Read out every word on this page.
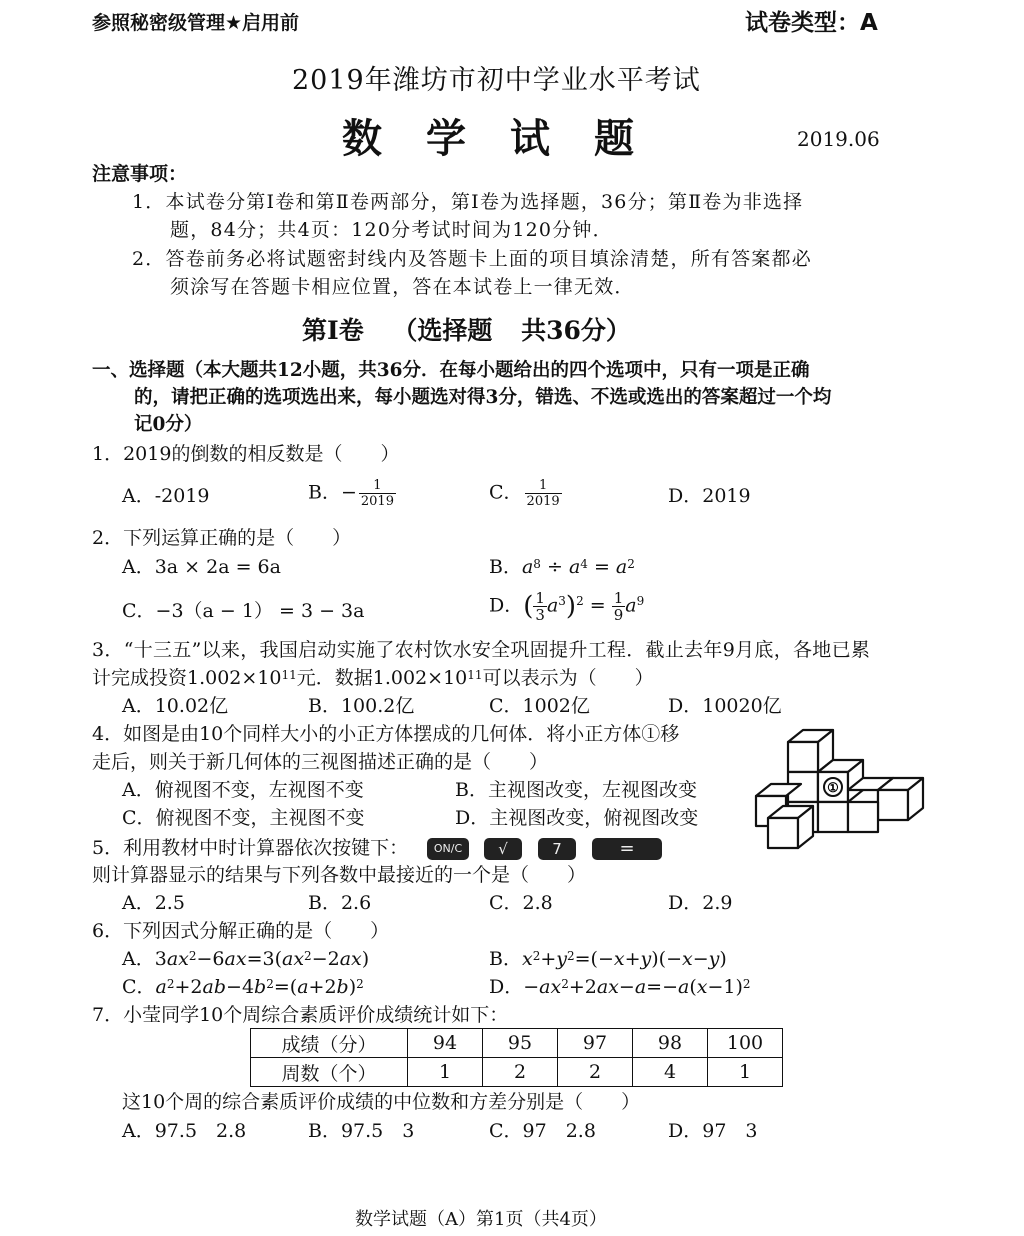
参照秘密级管理★启用前	试卷类型：A
2019年潍坊市初中学业水平考试
数学试题	2019.06
注意事项：
1．本试卷分第Ⅰ卷和第Ⅱ卷两部分，第Ⅰ卷为选择题，36分；第Ⅱ卷为非选择
题，84分；共4页：120分考试时间为120分钟．
2．答卷前务必将试题密封线内及答题卡上面的项目填涂清楚，所有答案都必
须涂写在答题卡相应位置，答在本试卷上一律无效．
第Ⅰ卷 （选择题 共36分）
一、选择题（本大题共12小题，共36分．在每小题给出的四个选项中，只有一项是正确
的，请把正确的选项选出来，每小题选对得3分，错选、不选或选出的答案超过一个均
记0分）
1．2019的倒数的相反数是（　　）
A．-2019	B．− $\frac{1}{2019}$	C． $\frac{1}{2019}$	D．2019
2．下列运算正确的是（　　）
A．3a × 2a = 6a	B．$a^8 \div a^4 = a^2$
C．−3（a − 1） = 3 − 3a	D．( $\frac{1}{3} a^3)^2 = \frac{1}{9} a^9$
3．“十三五”以来，我国启动实施了农村饮水安全巩固提升工程．截止去年9月底，各地已累
计完成投资$1.002\times 10^{11}$元．数据$1.002\times 10^{11}$可以表示为（　　）
A．10.02亿	B．100.2亿	C．1002亿	D．10020亿
4．如图是由10个同样大小的小正方体摆成的几何体．将小正方体①移
走后，则关于新几何体的三视图描述正确的是（　　）
A．俯视图不变，左视图不变	B．主视图改变，左视图改变
C．俯视图不变，主视图不变	D．主视图改变，俯视图改变
①
5．利用教材中时计算器依次按键下：	ON/C	√	7	=
则计算器显示的结果与下列各数中最接近的一个是（　　）
A．2.5	B．2.6	C．2.8	D．2.9
6．下列因式分解正确的是（　　）
A．$3ax^2-6ax=3(ax^2-2ax)$	B．$x^2+y^2=(-x+y)(-x-y)$
C．$a^2+2ab-4b^2=(a+2b)^2$	D．$-ax^2+2ax-a=-a(x-1)^2$
7．小莹同学10个周综合素质评价成绩统计如下：
成绩（分）	94	95	97	98	100
周数（个）	1	2	2	4	1
这10个周的综合素质评价成绩的中位数和方差分别是（　　）
A．97.5　2.8	B．97.5　3	C．97　2.8	D．97　3
数学试题（A）第1页（共4页）
